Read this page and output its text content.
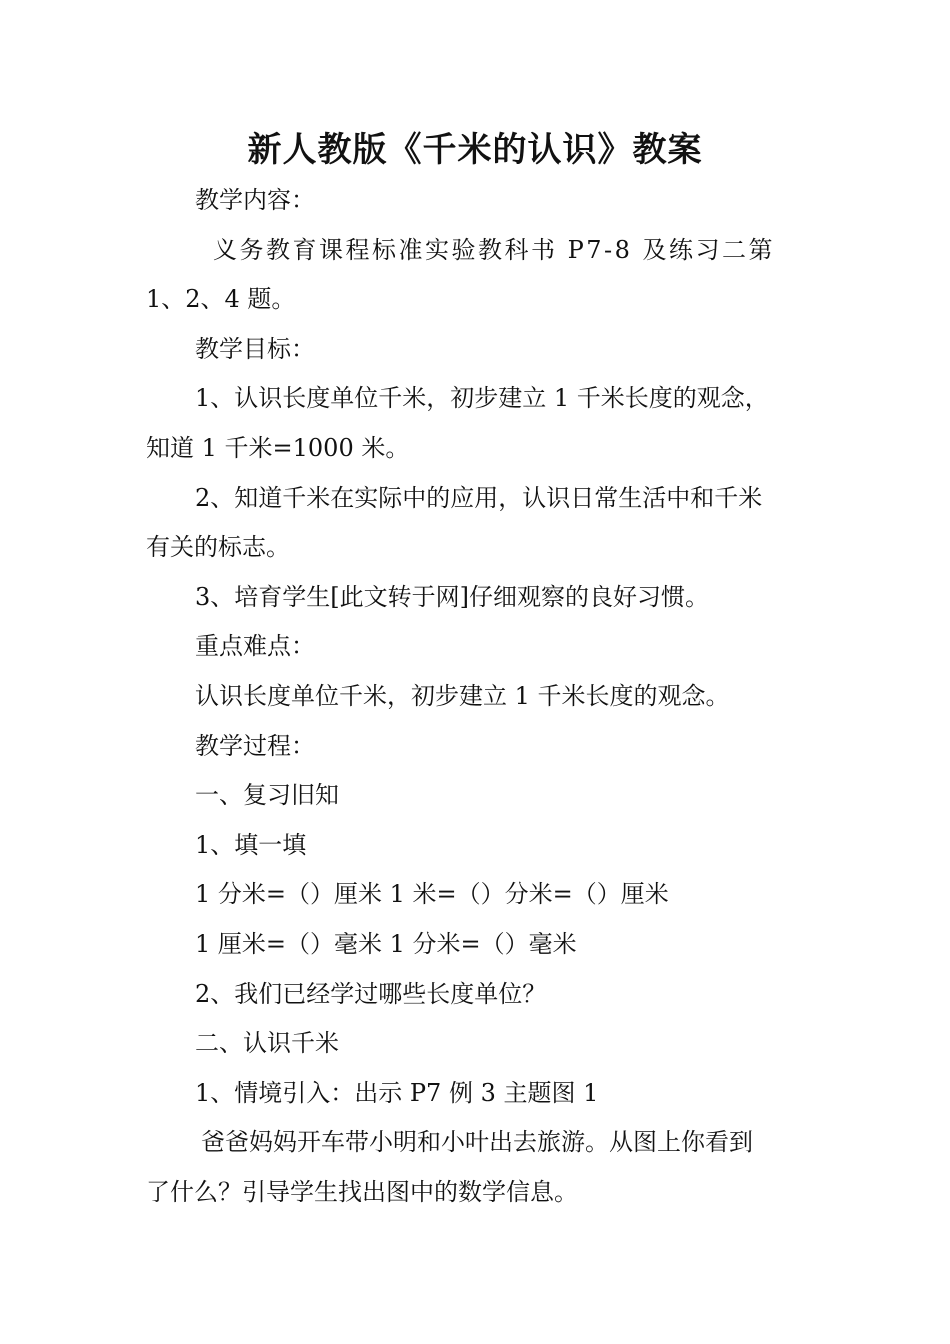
新人教版《千米的认识》教案

教学内容：

义务教育课程标准实验教科书 P7-8 及练习二第

1、2、4 题。

教学目标：

1、认识长度单位千米，初步建立 1 千米长度的观念，

知道 1 千米=1000 米。

2、知道千米在实际中的应用，认识日常生活中和千米

有关的标志。

3、培育学生[此文转于网]仔细观察的良好习惯。

重点难点：

认识长度单位千米，初步建立 1 千米长度的观念。

教学过程：

一、复习旧知

1、填一填

1 分米=（）厘米 1 米=（）分米=（）厘米

1 厘米=（）毫米 1 分米=（）毫米

2、我们已经学过哪些长度单位？

二、认识千米

1、情境引入：出示 P7 例 3 主题图 1

爸爸妈妈开车带小明和小叶出去旅游。从图上你看到

了什么？引导学生找出图中的数学信息。
